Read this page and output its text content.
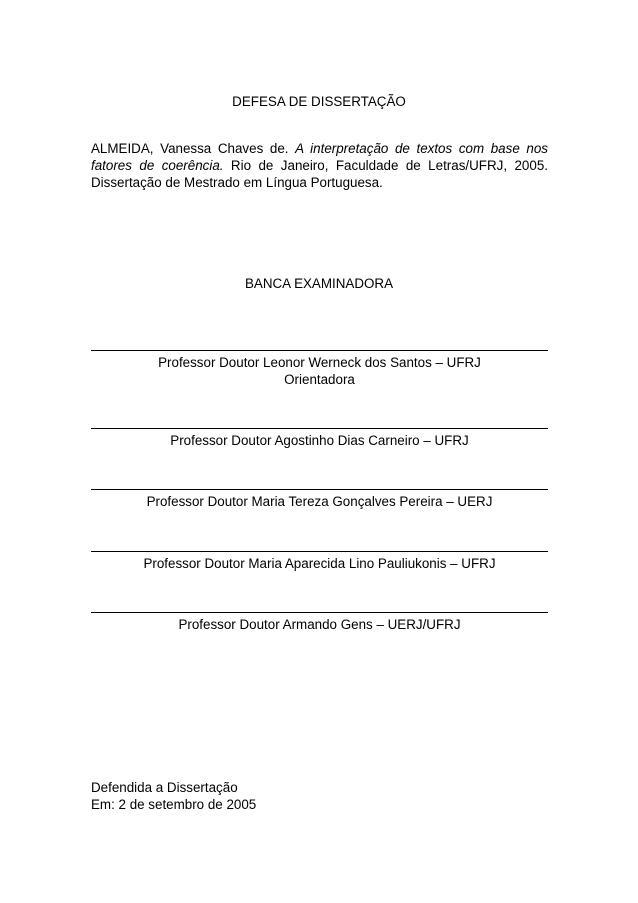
DEFESA DE DISSERTAÇÃO
ALMEIDA, Vanessa Chaves de. A interpretação de textos com base nos fatores de coerência. Rio de Janeiro, Faculdade de Letras/UFRJ, 2005. Dissertação de Mestrado em Língua Portuguesa.
BANCA EXAMINADORA
Professor Doutor Leonor Werneck dos Santos – UFRJ
Orientadora
Professor Doutor Agostinho Dias Carneiro – UFRJ
Professor Doutor Maria Tereza Gonçalves Pereira – UERJ
Professor Doutor Maria Aparecida Lino Pauliukonis – UFRJ
Professor Doutor Armando Gens – UERJ/UFRJ
Defendida a Dissertação
Em: 2 de setembro de 2005
